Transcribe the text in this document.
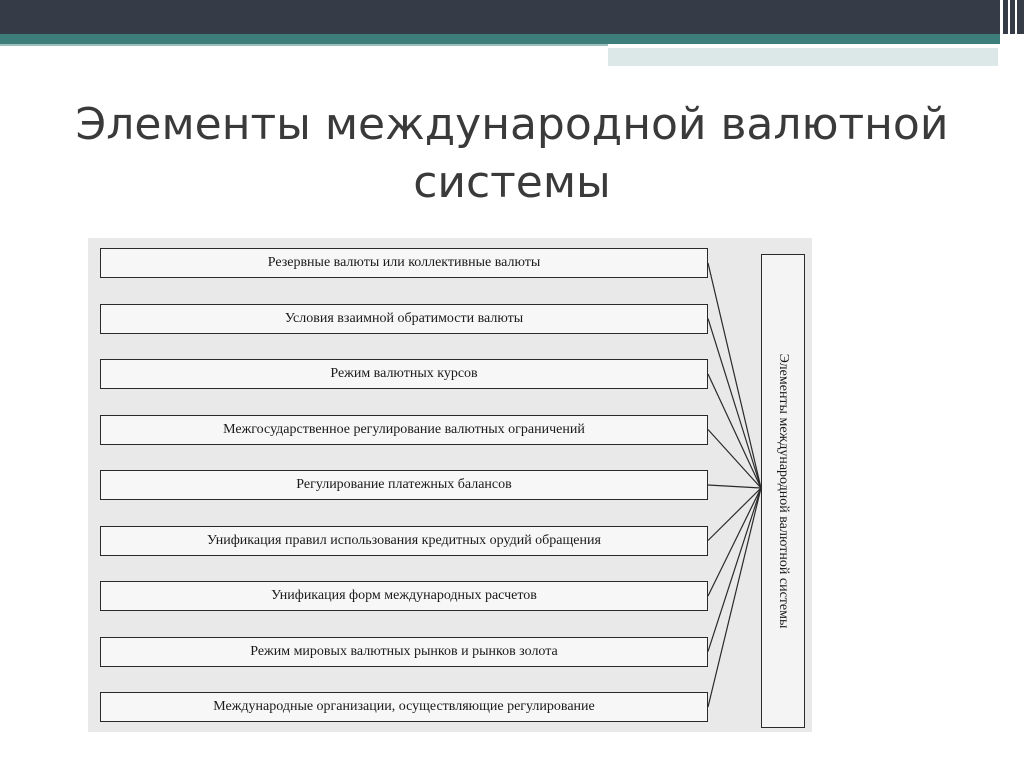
Элементы международной валютной
системы
Элементы международной валютной системы
Резервные валюты или коллективные валюты
Условия взаимной обратимости валюты
Режим валютных курсов
Межгосударственное регулирование валютных ограничений
Регулирование платежных балансов
Унификация правил использования кредитных орудий обращения
Унификация форм международных расчетов
Режим мировых валютных рынков и рынков золота
Международные организации, осуществляющие регулирование
